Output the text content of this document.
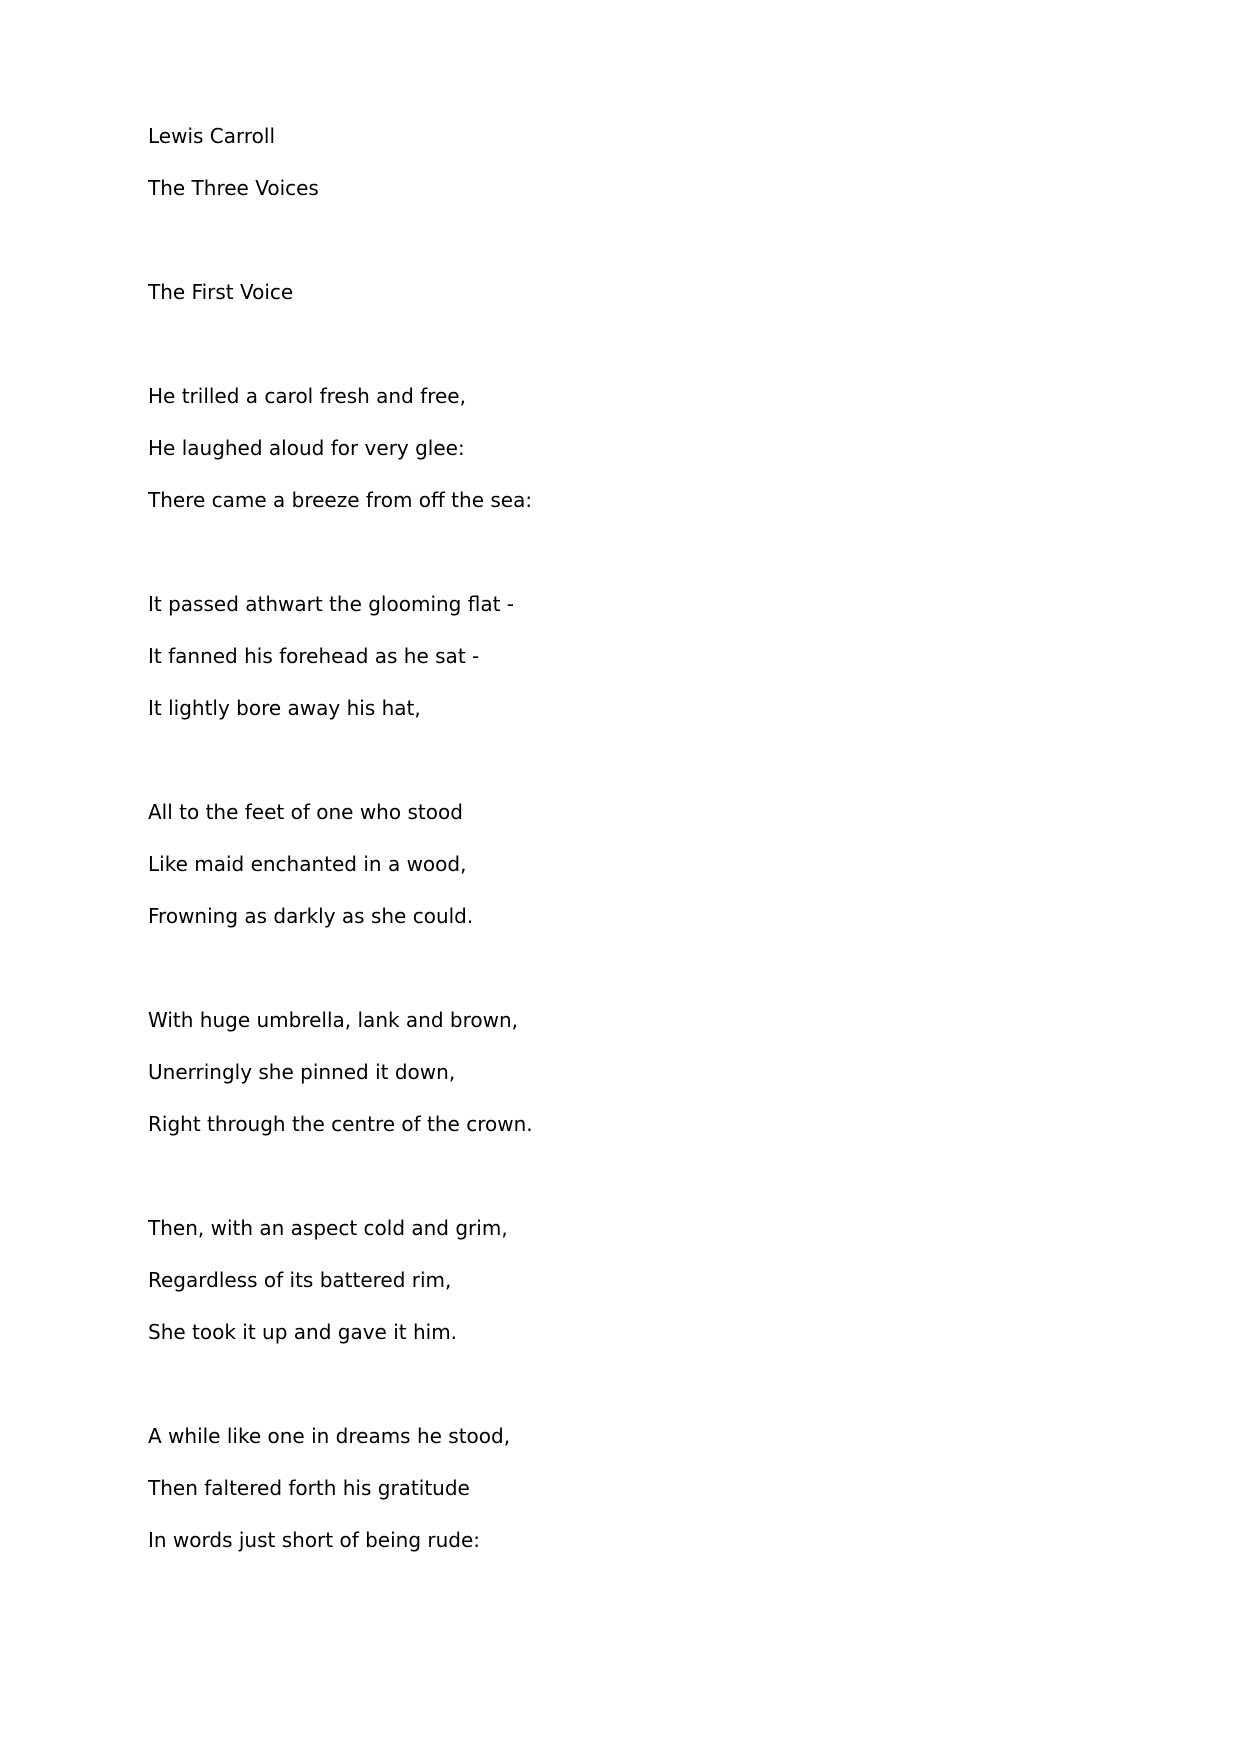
Lewis Carroll
The Three Voices
The First Voice
He trilled a carol fresh and free,
He laughed aloud for very glee:
There came a breeze from off the sea:
It passed athwart the glooming flat -
It fanned his forehead as he sat -
It lightly bore away his hat,
All to the feet of one who stood
Like maid enchanted in a wood,
Frowning as darkly as she could.
With huge umbrella, lank and brown,
Unerringly she pinned it down,
Right through the centre of the crown.
Then, with an aspect cold and grim,
Regardless of its battered rim,
She took it up and gave it him.
A while like one in dreams he stood,
Then faltered forth his gratitude
In words just short of being rude:
